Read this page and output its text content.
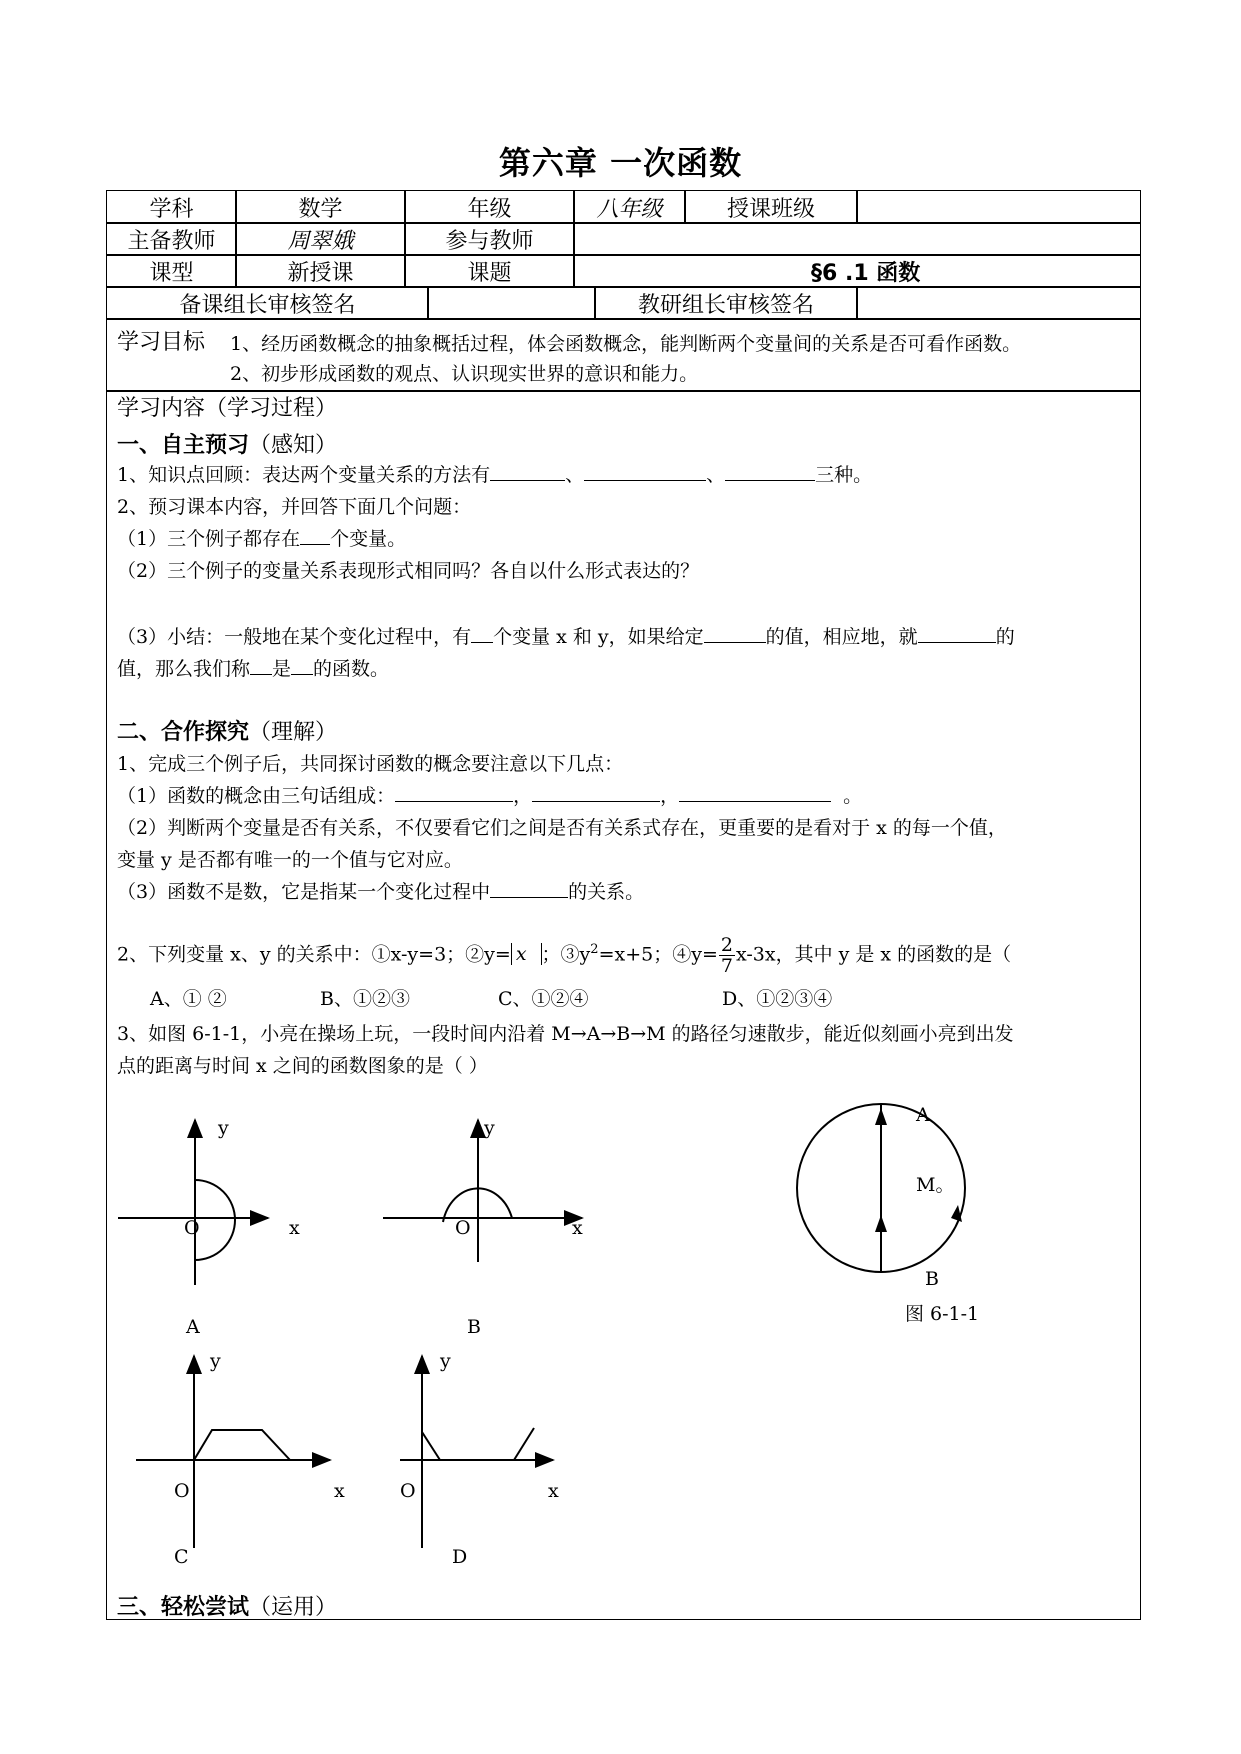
第六章 一次函数
学科	数学	年级	八年级	授课班级
主备教师	周翠娥	参与教师
课型	新授课	课题	§6 .1 函数
备课组长审核签名	教研组长审核签名
学习目标 1、经历函数概念的抽象概括过程，体会函数概念，能判断两个变量间的关系是否可看作函数。
2、初步形成函数的观点、认识现实世界的意识和能力。
学习内容（学习过程）
一、自主预习（感知）
1、知识点回顾：表达两个变量关系的方法有	、	、	三种。
2、预习课本内容，并回答下面几个问题：
（1）三个例子都存在 个变量。
（2）三个例子的变量关系表现形式相同吗？各自以什么形式表达的？
（3）小结：一般地在某个变化过程中，有 个变量 x 和 y，如果给定	的值，相应地，就	的
值，那么我们称 是 的函数。
二、合作探究（理解）
1、完成三个例子后，共同探讨函数的概念要注意以下几点：
（1）函数的概念由三句话组成：	，	，	。
（2）判断两个变量是否有关系，不仅要看它们之间是否有关系式存在，更重要的是看对于 x 的每一个值，
变量 y 是否都有唯一的一个值与它对应。
（3）函数不是数，它是指某一个变化过程中	的关系。
2、下列变量 x、y 的关系中：①x-y=3；②y= x ；$③y^2=x+5$；④y= $\frac{2}{7} x-3x$，其中 y 是 x 的函数的是（
A、① ②	B、①②③	C、①②④	D、①②③④
3、如图 6-1-1，小亮在操场上玩，一段时间内沿着 M→A→B→M 的路径匀速散步，能近似刻画小亮到出发
点的距离与时间 x 之间的函数图象的是（ ）
y
O	x
A
y
O	x
B
y
O	x
C
y
O	x
D
A
M。
B
图 6-1-1
三、轻松尝试（运用）
